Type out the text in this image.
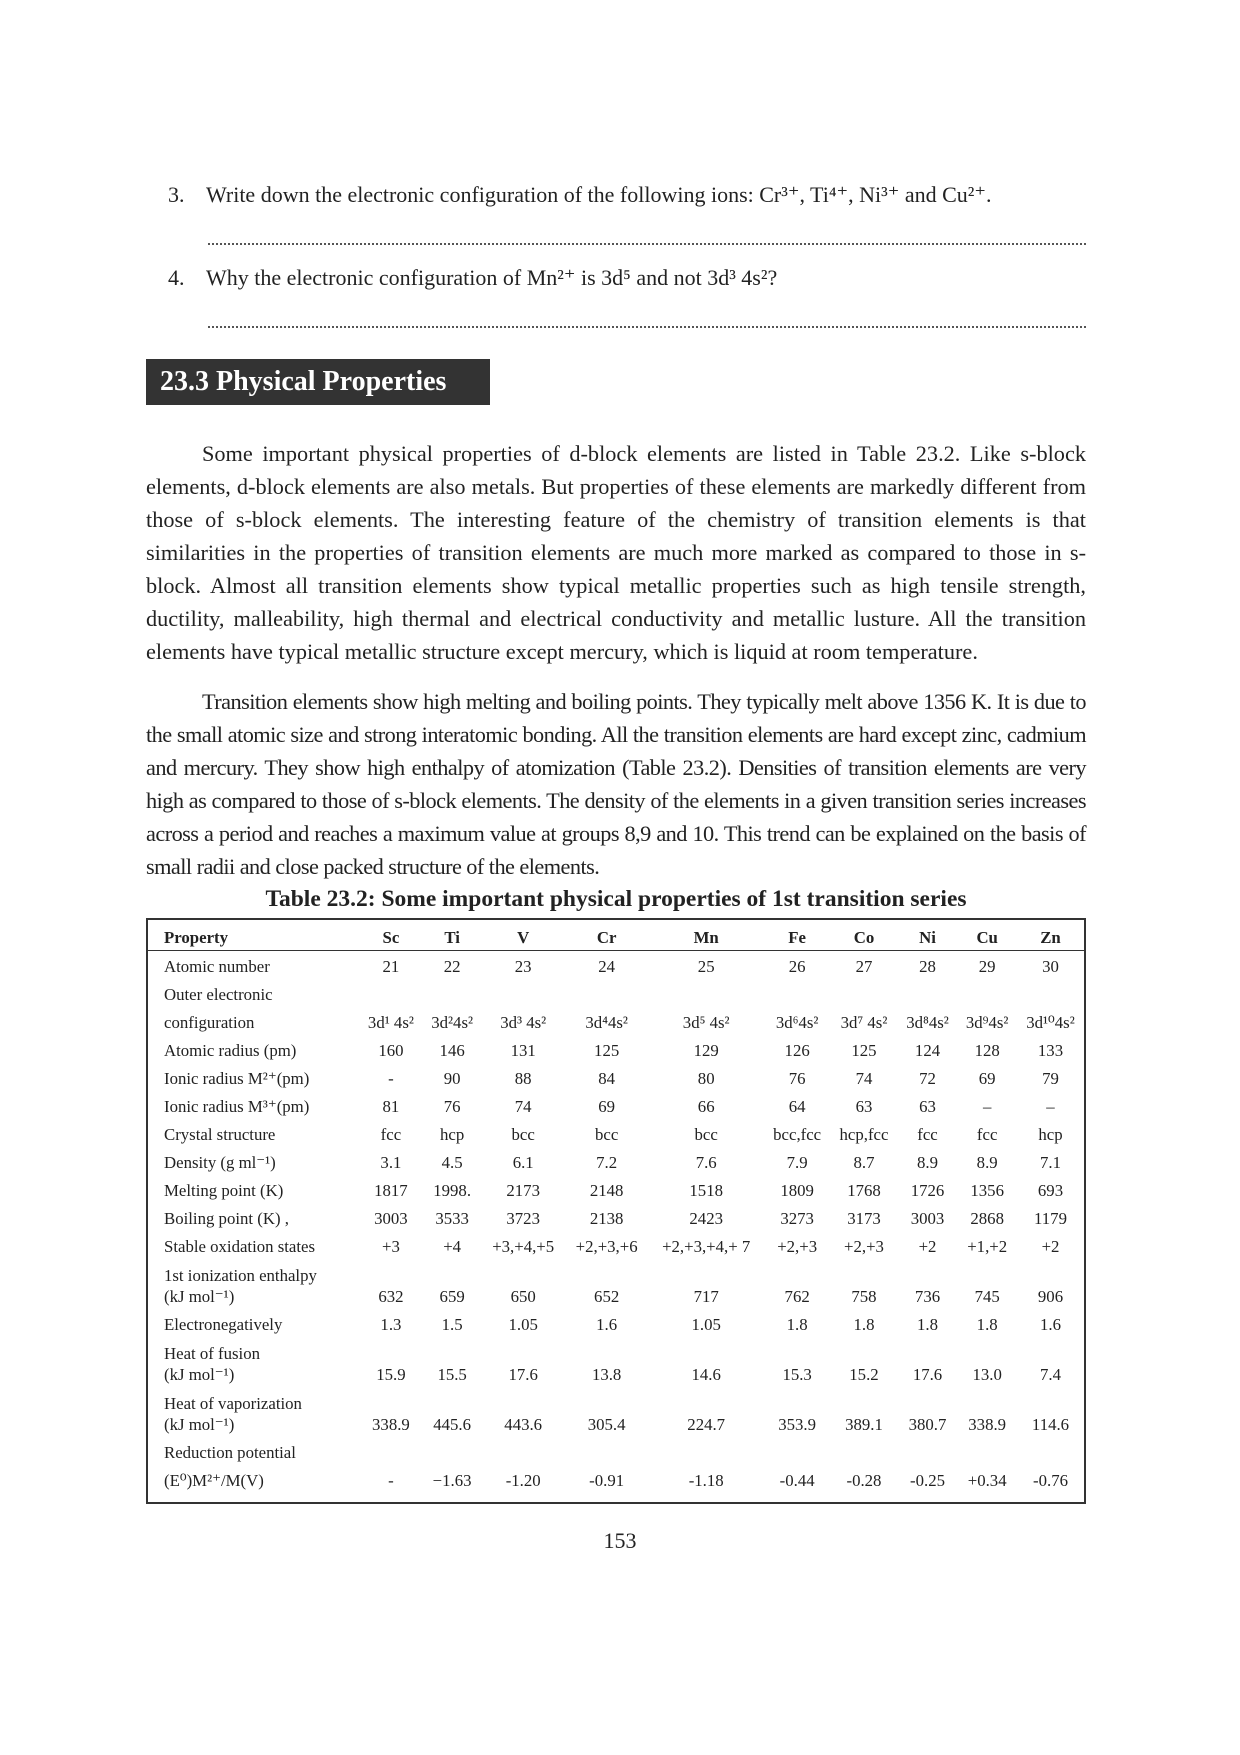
3. Write down the electronic configuration of the following ions: Cr³⁺, Ti⁴⁺, Ni³⁺ and Cu²⁺.
4. Why the electronic configuration of Mn²⁺ is 3d⁵ and not 3d³ 4s²?
23.3 Physical Properties

Some important physical properties of d-block elements are listed in Table 23.2. Like s-block elements, d-block elements are also metals. But properties of these elements are markedly different from those of s-block elements. The interesting feature of the chemistry of transition elements is that similarities in the properties of transition elements are much more marked as compared to those in s-block. Almost all transition elements show typical metallic properties such as high tensile strength, ductility, malleability, high thermal and electrical conductivity and metallic lusture. All the transition elements have typical metallic structure except mercury, which is liquid at room temperature.

Transition elements show high melting and boiling points. They typically melt above 1356 K. It is due to the small atomic size and strong interatomic bonding. All the transition elements are hard except zinc, cadmium and mercury. They show high enthalpy of atomization (Table 23.2). Densities of transition elements are very high as compared to those of s-block elements. The density of the elements in a given transition series increases across a period and reaches a maximum value at groups 8,9 and 10. This trend can be explained on the basis of small radii and close packed structure of the elements.

Table 23.2: Some important physical properties of 1st transition series

Property	Sc	Ti	V	Cr	Mn	Fe	Co	Ni	Cu	Zn
Atomic number	21	22	23	24	25	26	27	28	29	30
Outer electronic										
configuration	3d¹ 4s²	3d²4s²	3d³ 4s²	3d⁴4s²	3d⁵ 4s²	3d⁶4s²	3d⁷ 4s²	3d⁸4s²	3d⁹4s²	3d¹⁰4s²
Atomic radius (pm)	160	146	131	125	129	126	125	124	128	133
Ionic radius M²⁺(pm)	-	90	88	84	80	76	74	72	69	79
Ionic radius M³⁺(pm)	81	76	74	69	66	64	63	63	–	–
Crystal structure	fcc	hcp	bcc	bcc	bcc	bcc,fcc	hcp,fcc	fcc	fcc	hcp
Density (g ml⁻¹)	3.1	4.5	6.1	7.2	7.6	7.9	8.7	8.9	8.9	7.1
Melting point (K)	1817	1998.	2173	2148	1518	1809	1768	1726	1356	693
Boiling point (K) ,	3003	3533	3723	2138	2423	3273	3173	3003	2868	1179
Stable oxidation states	+3	+4	+3,+4,+5	+2,+3,+6	+2,+3,+4,+ 7	+2,+3	+2,+3	+2	+1,+2	+2
1st ionization enthalpy
(kJ mol⁻¹)	632	659	650	652	717	762	758	736	745	906
Electronegatively	1.3	1.5	1.05	1.6	1.05	1.8	1.8	1.8	1.8	1.6
Heat of fusion
(kJ mol⁻¹)	15.9	15.5	17.6	13.8	14.6	15.3	15.2	17.6	13.0	7.4
Heat of vaporization
(kJ mol⁻¹)	338.9	445.6	443.6	305.4	224.7	353.9	389.1	380.7	338.9	114.6
Reduction potential										
(E⁰)M²⁺/M(V)	-	−1.63	-1.20	-0.91	-1.18	-0.44	-0.28	-0.25	+0.34	-0.76

153
